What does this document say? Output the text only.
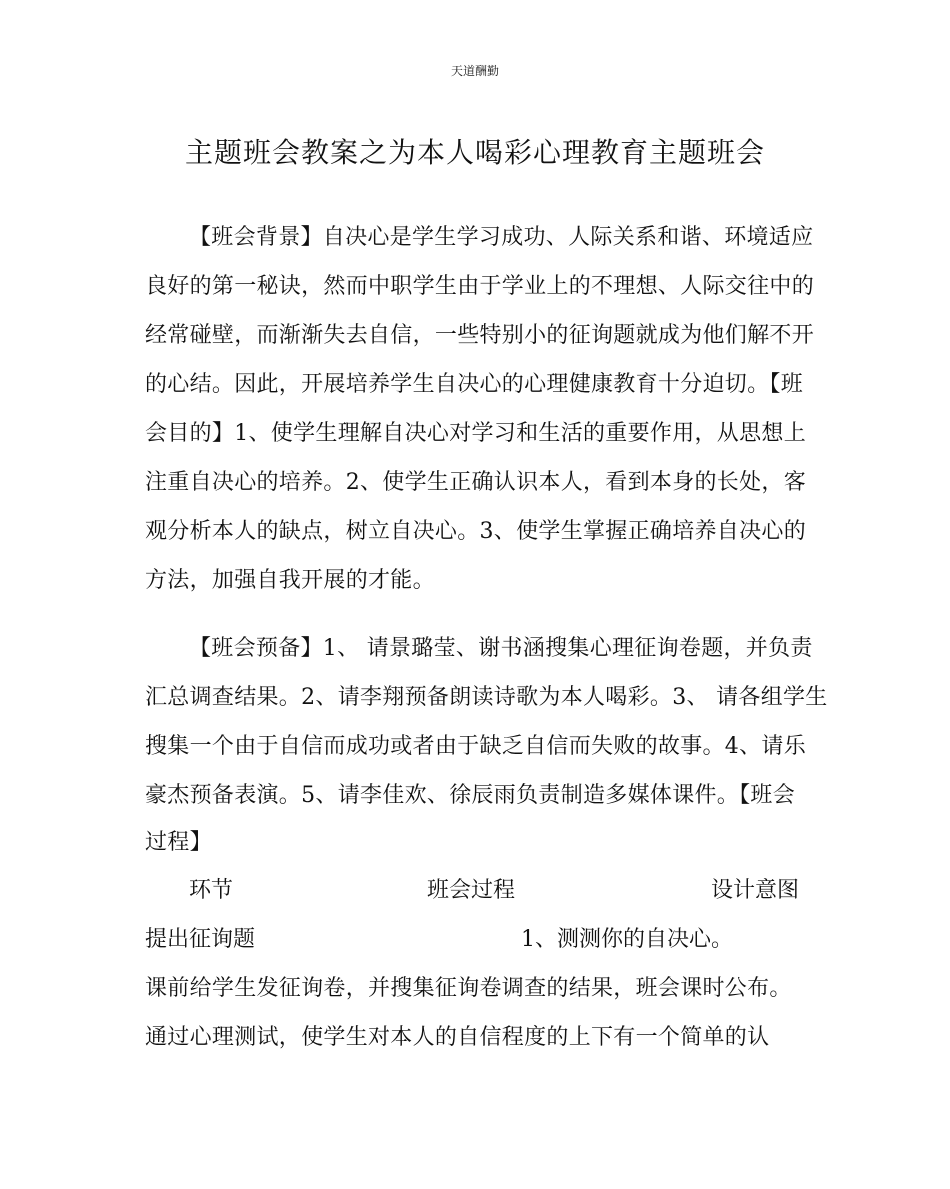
天道酬勤
主题班会教案之为本人喝彩心理教育主题班会
【班会背景】自决心是学生学习成功、人际关系和谐、环境适应
良好的第一秘诀，然而中职学生由于学业上的不理想、人际交往中的
经常碰壁，而渐渐失去自信，一些特别小的征询题就成为他们解不开
的心结。因此，开展培养学生自决心的心理健康教育十分迫切。【班
会目的】1、使学生理解自决心对学习和生活的重要作用，从思想上
注重自决心的培养。2、使学生正确认识本人，看到本身的长处，客
观分析本人的缺点，树立自决心。3、使学生掌握正确培养自决心的
方法，加强自我开展的才能。
【班会预备】1、 请景璐莹、谢书涵搜集心理征询卷题，并负责
汇总调查结果。2、请李翔预备朗读诗歌为本人喝彩。3、 请各组学生
搜集一个由于自信而成功或者由于缺乏自信而失败的故事。4、请乐
豪杰预备表演。5、请李佳欢、徐辰雨负责制造多媒体课件。【班会
过程】
环节	班会过程	设计意图
提出征询题	1、测测你的自决心。
课前给学生发征询卷，并搜集征询卷调查的结果，班会课时公布。
通过心理测试，使学生对本人的自信程度的上下有一个简单的认
